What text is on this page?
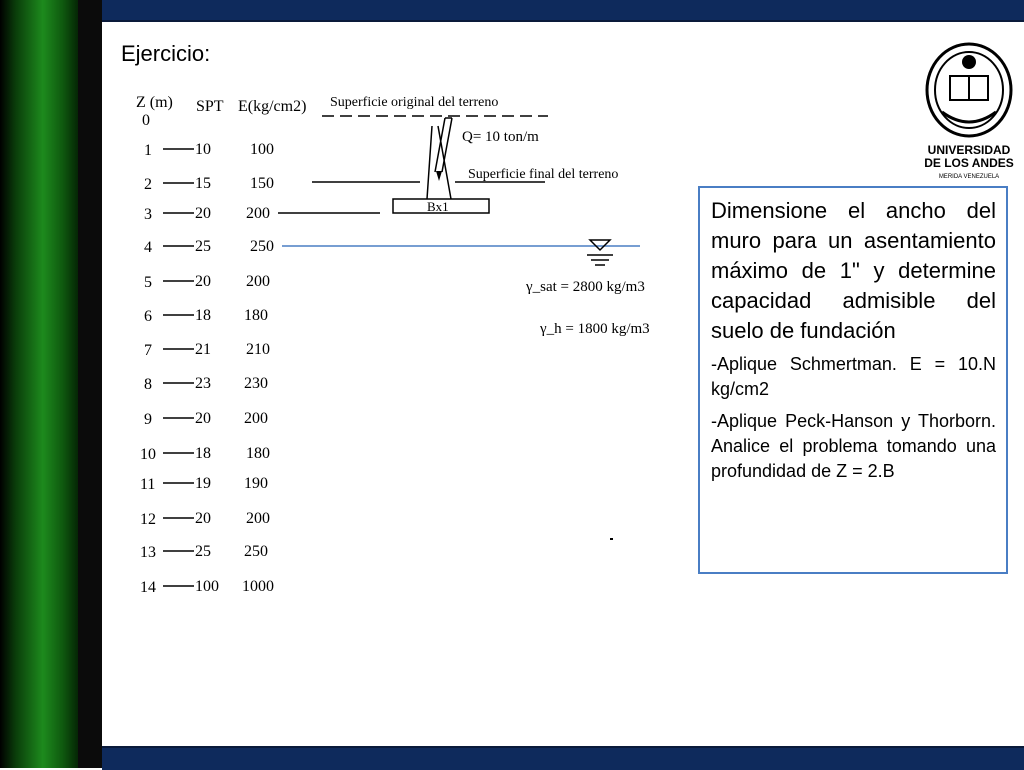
Ejercicio:
Z (m) SPT E(kg/cm2)
0
1	10 100
2	15 150
3	20 200
4	25 250
5	20 200
6	18 180
7	21 210
8	23 230
9	20 200
10 18 180
11 19 190
12 20 200
13 25 250
14 100 1000
Superficie original del terreno
Q= 10 ton/m
Superficie final del terreno
Bx1
γ_sat = 2800 kg/m3
γ_h = 1800 kg/m3
UNIVERSIDAD
DE LOS ANDES
MERIDA VENEZUELA

Dimensione el ancho del muro para un asentamiento máximo de 1" y determine capacidad admisible del suelo de fundación

-Aplique Schmertman. E = 10.N kg/cm2

-Aplique Peck-Hanson y Thorborn. Analice el problema tomando una profundidad de Z = 2.B
